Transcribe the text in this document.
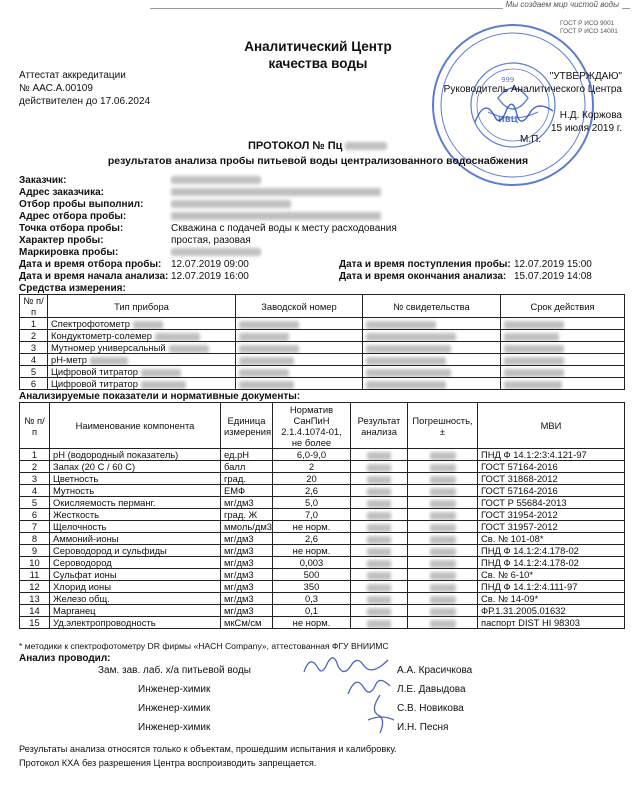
Мы создаем мир чистой воды
ГОСТ Р ИСО 9001
ГОСТ Р ИСО 14001
Аналитический Центр
качества воды
Аттестат аккредитации
№ ААС.А.00109
действителен до 17.06.2024
999
ИВЦ
"УТВЕРЖДАЮ"
Руководитель Аналитического Центра
Н.Д. Коржова
15 июля 2019 г.
М.П.
ПРОТОКОЛ № Пц
результатов анализа пробы питьевой воды централизованного водоснабжения
Заказчик:
Адрес заказчика:
Отбор пробы выполнил:
Адрес отбора пробы:
Точка отбора пробы:	Скважина с подачей воды к месту расходования
Характер пробы:	простая, разовая
Маркировка пробы:
Дата и время отбора пробы: 12.07.2019 09:00	Дата и время поступления пробы: 12.07.2019 15:00
Дата и время начала анализа: 12.07.2019 16:00	Дата и время окончания анализа: 15.07.2019 14:08
Средства измерения:
№ п/п	Тип прибора	Заводской номер	№ свидетельства	Срок действия
1	Спектрофотометр			
2	Кондуктометр-солемер			
3	Мутномер универсальный			
4	pH-метр			
5	Цифровой титратор			
6	Цифровой титратор			
Анализируемые показатели и нормативные документы:
№ п/п	Наименование компонента	Единица измерения	Норматив СанПиН 2.1.4.1074-01, не более	Результат анализа	Погрешность, ±	МВИ
1	pH (водородный показатель)	ед.pH	6,0-9,0			ПНД Ф 14.1:2:3:4.121-97
2	Запах (20 С / 60 С)	балл	2			ГОСТ 57164-2016
3	Цветность	град.	20			ГОСТ 31868-2012
4	Мутность	ЕМФ	2,6			ГОСТ 57164-2016
5	Окисляемость перманг.	мг/дм3	5,0			ГОСТ Р 55684-2013
6	Жесткость	град. Ж	7,0			ГОСТ 31954-2012
7	Щелочность	ммоль/дм3	не норм.			ГОСТ 31957-2012
8	Аммоний-ионы	мг/дм3	2,6			Св. № 101-08*
9	Сероводород и сульфиды	мг/дм3	не норм.			ПНД Ф 14.1:2:4.178-02
10	Сероводород	мг/дм3	0,003			ПНД Ф 14.1:2:4.178-02
11	Сульфат ионы	мг/дм3	500			Св. № 6-10*
12	Хлорид ионы	мг/дм3	350			ПНД Ф 14.1:2:4.111-97
13	Железо общ.	мг/дм3	0,3			Св. № 14-09*
14	Марганец	мг/дм3	0,1			ФР.1.31.2005.01632
15	Уд.электропроводность	мкСм/см	не норм.			паспорт DIST HI 98303
* методики к спектрофотометру DR фирмы «HACH Company», аттестованная ФГУ ВНИИМС
Анализ проводил:
Зам. зав. лаб. х/а питьевой воды	А.А. Красичкова
Инженер-химик	Л.Е. Давыдова
Инженер-химик	С.В. Новикова
Инженер-химик	И.Н. Песня
Результаты анализа относятся только к объектам, прошедшим испытания и калибровку.
Протокол КХА без разрешения Центра воспроизводить запрещается.
